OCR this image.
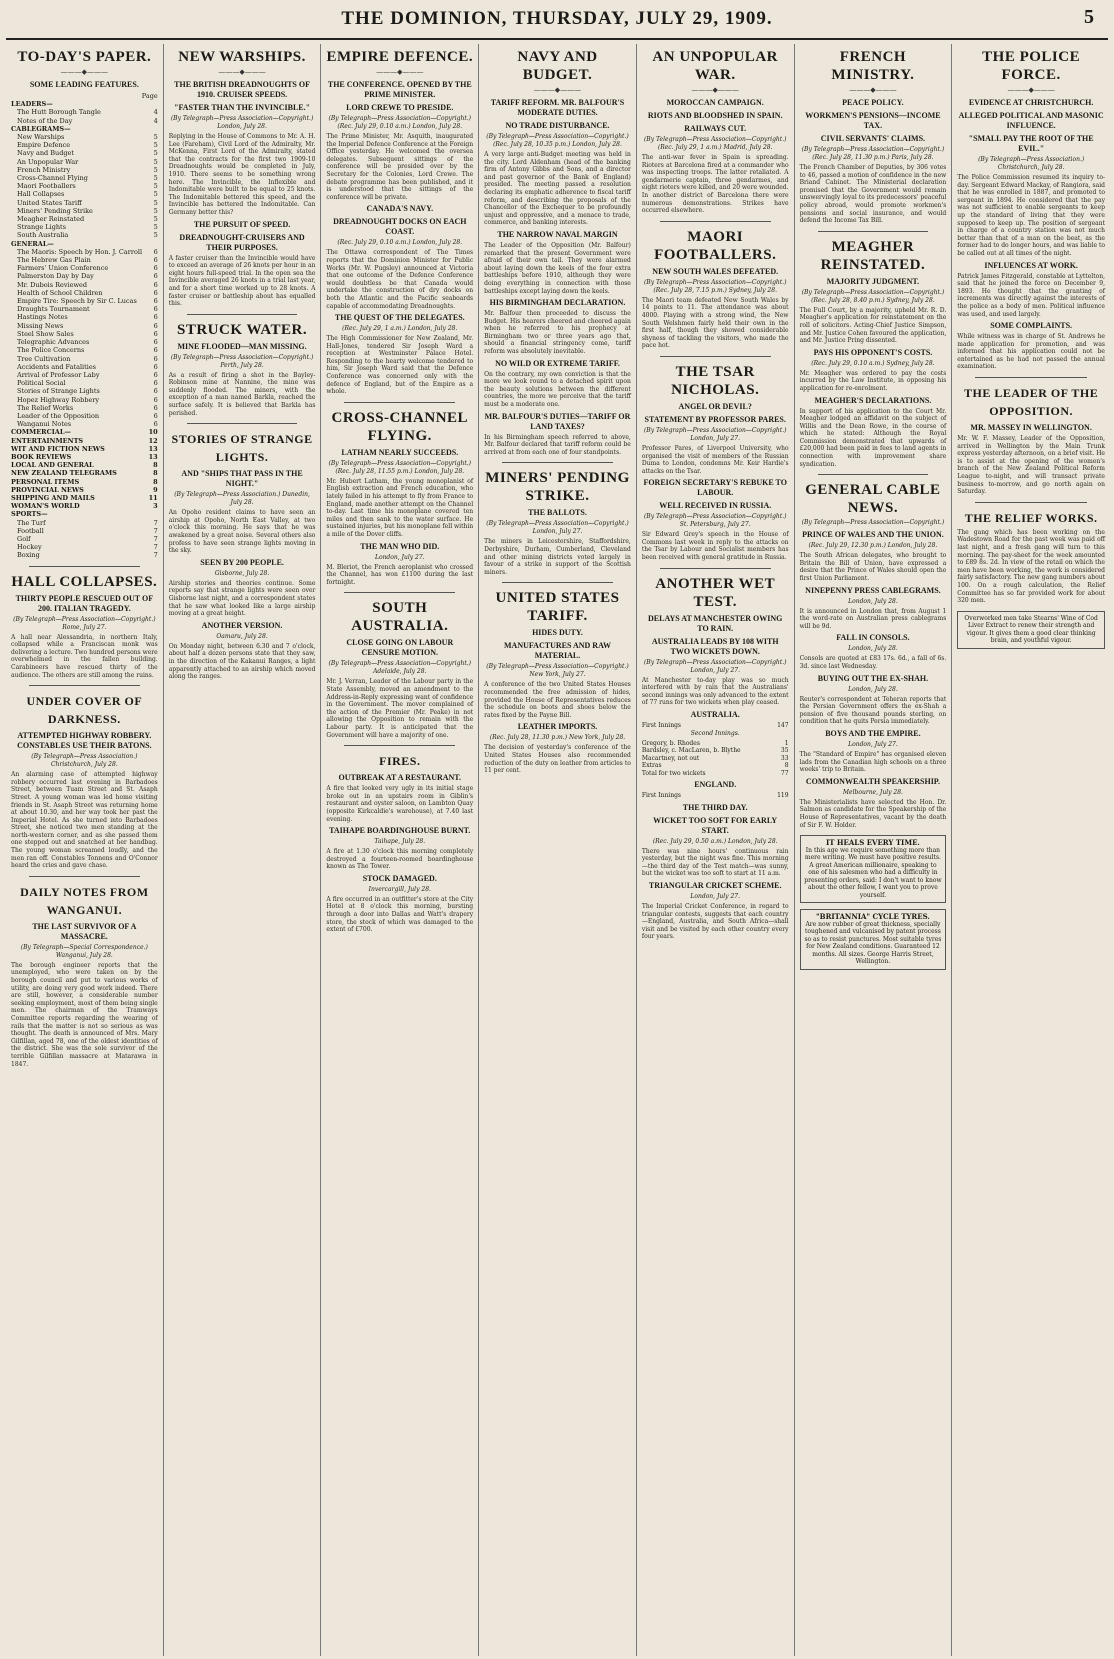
THE DOMINION, THURSDAY, JULY 29, 1909.	5
TO-DAY'S PAPER.
———◆———
SOME LEADING FEATURES.
Page
LEADERS—
The Hutt Borough Tangle	4
Notes of the Day	4
CABLEGRAMS—
New Warships	5
Empire Defence	5
Navy and Budget	5
An Unpopular War	5
French Ministry	5
Cross-Channel Flying	5
Maori Footballers	5
Hall Collapses	5
United States Tariff	5
Miners' Pending Strike	5
Meagher Reinstated	5
Strange Lights	5
South Australia	5
GENERAL—
The Maoris: Speech by Hon. J. Carroll 6
The Hebrew Gas Plain	6
Farmers' Union Conference	6
Palmerston Day by Day	6
Mr. Dubois Reviewed	6
Health of School Children	6
Empire Tire: Speech by Sir C. Lucas	6
Draughts Tournament	6
Hastings Notes	6
Missing News	6
Steel Show Sales	6
Telegraphic Advances	6
The Police Concerns	6
Tree Cultivation	6
Accidents and Fatalities	6
Arrival of Professor Laby	6
Political Social	6
Stories of Strange Lights	6
Hopez Highway Robbery	6
The Relief Works	6
Leader of the Opposition	6
Wanganui Notes	6
COMMERCIAL—	10
ENTERTAINMENTS	12
WIT AND FICTION NEWS	13
BOOK REVIEWS	13
LOCAL AND GENERAL	8
NEW ZEALAND TELEGRAMS	8
PERSONAL ITEMS	8
PROVINCIAL NEWS	9
SHIPPING AND MAILS	11
WOMAN'S WORLD	3
SPORTS—
The Turf	7
Football	7
Golf	7
Hockey	7
Boxing	7
HALL COLLAPSES.
THIRTY PEOPLE RESCUED OUT OF 200. ITALIAN TRAGEDY.
(By Telegraph—Press Association—Copyright.) Rome, July 27.
A hall near Alessandria, in northern Italy, collapsed while a Franciscan monk was delivering a lecture. Two hundred persons were overwhelmed in the fallen building. Carabineers have rescued thirty of the audience. The others are still among the ruins.
UNDER COVER OF DARKNESS.
ATTEMPTED HIGHWAY ROBBERY. CONSTABLES USE THEIR BATONS.
(By Telegraph—Press Association.) Christchurch, July 28.
An alarming case of attempted highway robbery occurred last evening in Barbadoes Street, between Tuam Street and St. Asaph Street. A young woman was led home visiting friends in St. Asaph Street was returning home at about 10.30, and her way took her past the Imperial Hotel. As she turned into Barbadoes Street, she noticed two men standing at the north-western corner, and as she passed them one stepped out and snatched at her handbag. The young woman screamed loudly, and the men ran off. Constables Tonnens and O'Connor heard the cries and gave chase.
DAILY NOTES FROM WANGANUI.
THE LAST SURVIVOR OF A MASSACRE.
(By Telegraph—Special Correspondence.) Wanganui, July 28.
The borough engineer reports that the unemployed, who were taken on by the borough council and put to various works of utility, are doing very good work indeed. There are still, however, a considerable number seeking employment, most of them being single men. The chairman of the Tramways Committee reports regarding the wearing of rails that the matter is not so serious as was thought. The death is announced of Mrs. Mary Gilfillan, aged 78, one of the oldest identities of the district. She was the sole survivor of the terrible Gilfillan massacre at Matarawa in 1847.
NEW WARSHIPS.
———◆———
THE BRITISH DREADNOUGHTS OF 1910. CRUISER SPEEDS.
"FASTER THAN THE INVINCIBLE."
(By Telegraph—Press Association—Copyright.) London, July 28.
Replying in the House of Commons to Mr. A. H. Lee (Fareham), Civil Lord of the Admiralty, Mr. McKenna, First Lord of the Admiralty, stated that the contracts for the first two 1909-10 Dreadnoughts would be completed in July, 1910. There seems to be something wrong here. The Invincible, the Inflexible and Indomitable were built to be equal to 25 knots. The Indomitable bettered this speed, and the Invincible has bettered the Indomitable. Can Germany better this?
THE PURSUIT OF SPEED.
DREADNOUGHT-CRUISERS AND THEIR PURPOSES.
A faster cruiser than the Invincible would have to exceed an average of 26 knots per hour in an eight hours full-speed trial. In the open sea the Invincible averaged 26 knots in a trial last year, and for a short time worked up to 28 knots. A faster cruiser or battleship about has equalled this.
STRUCK WATER.
MINE FLOODED—MAN MISSING.
(By Telegraph—Press Association—Copyright.) Perth, July 28.
As a result of firing a shot in the Bayley-Robinson mine at Nannine, the mine was suddenly flooded. The miners, with the exception of a man named Barkla, reached the surface safely. It is believed that Barkla has perished.
STORIES OF STRANGE LIGHTS.
AND "SHIPS THAT PASS IN THE NIGHT."
(By Telegraph—Press Association.) Dunedin, July 28.
An Opoho resident claims to have seen an airship at Opoho, North East Valley, at two o'clock this morning. He says that he was awakened by a great noise. Several others also profess to have seen strange lights moving in the sky.
SEEN BY 200 PEOPLE.
Gisborne, July 28.
Airship stories and theories continue. Some reports say that strange lights were seen over Gisborne last night, and a correspondent states that he saw what looked like a large airship moving at a great height.
ANOTHER VERSION.
Oamaru, July 28.
On Monday night, between 6.30 and 7 o'clock, about half a dozen persons state that they saw, in the direction of the Kakanui Ranges, a light apparently attached to an airship which moved along the ranges.
EMPIRE DEFENCE.
———◆———
THE CONFERENCE. OPENED BY THE PRIME MINISTER.
LORD CREWE TO PRESIDE.
(By Telegraph—Press Association—Copyright.) (Rec. July 29, 0.10 a.m.) London, July 28.
The Prime Minister, Mr. Asquith, inaugurated the Imperial Defence Conference at the Foreign Office yesterday. He welcomed the oversea delegates. Subsequent sittings of the conference will be presided over by the Secretary for the Colonies, Lord Crewe. The debate programme has been published, and it is understood that the sittings of the conference will be private.
CANADA'S NAVY.
DREADNOUGHT DOCKS ON EACH COAST.
(Rec. July 29, 0.10 a.m.) London, July 28.
The Ottawa correspondent of The Times reports that the Dominion Minister for Public Works (Mr. W. Pugsley) announced at Victoria that one outcome of the Defence Conference would doubtless be that Canada would undertake the construction of dry docks on both the Atlantic and the Pacific seaboards capable of accommodating Dreadnoughts.
THE QUEST OF THE DELEGATES.
(Rec. July 29, 1 a.m.) London, July 28.
The High Commissioner for New Zealand, Mr. Hall-Jones, tendered Sir Joseph Ward a reception at Westminster Palace Hotel. Responding to the hearty welcome tendered to him, Sir Joseph Ward said that the Defence Conference was concerned only with the defence of England, but of the Empire as a whole.
CROSS-CHANNEL FLYING.
LATHAM NEARLY SUCCEEDS.
(By Telegraph—Press Association—Copyright.) (Rec. July 28, 11.55 p.m.) London, July 28.
Mr. Hubert Latham, the young monoplanist of English extraction and French education, who lately failed in his attempt to fly from France to England, made another attempt on the Channel to-day. Last time his monoplane covered ten miles and then sank to the water surface. He sustained injuries, but his monoplane fell within a mile of the Dover cliffs.
THE MAN WHO DID.
London, July 27.
M. Bleriot, the French aeroplanist who crossed the Channel, has won £1100 during the last fortnight.
SOUTH AUSTRALIA.
CLOSE GOING ON LABOUR CENSURE MOTION.
(By Telegraph—Press Association—Copyright.) Adelaide, July 28.
Mr. J. Verran, Leader of the Labour party in the State Assembly, moved an amendment to the Address-in-Reply expressing want of confidence in the Government. The mover complained of the action of the Premier (Mr. Peake) in not allowing the Opposition to remain with the Labour party. It is anticipated that the Government will have a majority of one.
FIRES.
OUTBREAK AT A RESTAURANT.
A fire that looked very ugly in its initial stage broke out in an upstairs room in Giblin's restaurant and oyster saloon, on Lambton Quay (opposite Kirkcaldie's warehouse), at 7.40 last evening.
TAIHAPE BOARDINGHOUSE BURNT.
Taihape, July 28.
A fire at 1.30 o'clock this morning completely destroyed a fourteen-roomed boardinghouse known as The Tower.
STOCK DAMAGED.
Invercargill, July 28.
A fire occurred in an outfitter's store at the City Hotel at 8 o'clock this morning, bursting through a door into Dallas and Watt's drapery store, the stock of which was damaged to the extent of £700.
NAVY AND BUDGET.
———◆———
TARIFF REFORM. MR. BALFOUR'S MODERATE DUTIES.
NO TRADE DISTURBANCE.
(By Telegraph—Press Association—Copyright.) (Rec. July 28, 10.35 p.m.) London, July 28.
A very large anti-Budget meeting was held in the city. Lord Aldenham (head of the banking firm of Antony Gibbs and Sons, and a director and past governor of the Bank of England) presided. The meeting passed a resolution declaring its emphatic adherence to fiscal tariff reform, and describing the proposals of the Chancellor of the Exchequer to be profoundly unjust and oppressive, and a menace to trade, commerce, and banking interests.
THE NARROW NAVAL MARGIN
The Leader of the Opposition (Mr. Balfour) remarked that the present Government were afraid of their own tail. They were alarmed about laying down the keels of the four extra battleships before 1910, although they were doing everything in connection with those battleships except laying down the keels.
HIS BIRMINGHAM DECLARATION.
Mr. Balfour then proceeded to discuss the Budget. His hearers cheered and cheered again when he referred to his prophecy at Birmingham two or three years ago that, should a financial stringency come, tariff reform was absolutely inevitable.
NO WILD OR EXTREME TARIFF.
On the contrary, my own conviction is that the more we look round to a detached spirit upon the beauty solutions between the different countries, the more we perceive that the tariff must be a moderate one.
MR. BALFOUR'S DUTIES—TARIFF OR LAND TAXES?
In his Birmingham speech referred to above, Mr. Balfour declared that tariff reform could be arrived at from each one of four standpoints.
MINERS' PENDING STRIKE.
THE BALLOTS.
(By Telegraph—Press Association—Copyright.) London, July 27.
The miners in Leicestershire, Staffordshire, Derbyshire, Durham, Cumberland, Cleveland and other mining districts voted largely in favour of a strike in support of the Scottish miners.
UNITED STATES TARIFF.
HIDES DUTY.
MANUFACTURES AND RAW MATERIAL.
(By Telegraph—Press Association—Copyright.) New York, July 27.
A conference of the two United States Houses recommended the free admission of hides, provided the House of Representatives reduces the schedule on boots and shoes below the rates fixed by the Payne Bill.
LEATHER IMPORTS.
(Rec. July 28, 11.30 p.m.) New York, July 28.
The decision of yesterday's conference of the United States Houses also recommended reduction of the duty on leather from articles to 11 per cent.
AN UNPOPULAR WAR.
———◆———
MOROCCAN CAMPAIGN.
RIOTS AND BLOODSHED IN SPAIN.
RAILWAYS CUT.
(By Telegraph—Press Association—Copyright.) (Rec. July 29, 1 a.m.) Madrid, July 28.
The anti-war fever in Spain is spreading. Rioters at Barcelona fired at a commander who was inspecting troops. The latter retaliated. A gendarmerie captain, three gendarmes, and eight rioters were killed, and 20 were wounded. In another district of Barcelona there were numerous demonstrations. Strikes have occurred elsewhere.
MAORI FOOTBALLERS.
NEW SOUTH WALES DEFEATED.
(By Telegraph—Press Association—Copyright.) (Rec. July 28, 7.15 p.m.) Sydney, July 28.
The Maori team defeated New South Wales by 14 points to 11. The attendance was about 4000. Playing with a strong wind, the New South Welshmen fairly held their own in the first half, though they showed considerable shyness of tackling the visitors, who made the pace hot.
THE TSAR NICHOLAS.
ANGEL OR DEVIL?
STATEMENT BY PROFESSOR PARES.
(By Telegraph—Press Association—Copyright.) London, July 27.
Professor Pares, of Liverpool University, who organised the visit of members of the Russian Duma to London, condemns Mr. Keir Hardie's attacks on the Tsar.
FOREIGN SECRETARY'S REBUKE TO LABOUR.
WELL RECEIVED IN RUSSIA.
(By Telegraph—Press Association—Copyright.) St. Petersburg, July 27.
Sir Edward Grey's speech in the House of Commons last week in reply to the attacks on the Tsar by Labour and Socialist members has been received with general gratitude in Russia.
ANOTHER WET TEST.
DELAYS AT MANCHESTER OWING TO RAIN.
AUSTRALIA LEADS BY 108 WITH TWO WICKETS DOWN.
(By Telegraph—Press Association—Copyright.) London, July 27.
At Manchester to-day play was so much interfered with by rain that the Australians' second innings was only advanced to the extent of 77 runs for two wickets when play ceased.
AUSTRALIA.
First Innings	147
Second Innings.
Gregory, b. Rhodes	1
Bardsley, c. MacLaren, b. Blythe	35
Macartney, not out	33
Extras	8
Total for two wickets	77
ENGLAND.
First Innings	119
THE THIRD DAY.
WICKET TOO SOFT FOR EARLY START.
(Rec. July 29, 0.50 a.m.) London, July 28.
There was nine hours' continuous rain yesterday, but the night was fine. This morning—the third day of the Test match—was sunny, but the wicket was too soft to start at 11 a.m.
TRIANGULAR CRICKET SCHEME.
London, July 27.
The Imperial Cricket Conference, in regard to triangular contests, suggests that each country—England, Australia, and South Africa—shall visit and be visited by each other country every four years.
FRENCH MINISTRY.
———◆———
PEACE POLICY.
WORKMEN'S PENSIONS—INCOME TAX.
CIVIL SERVANTS' CLAIMS.
(By Telegraph—Press Association—Copyright.) (Rec. July 28, 11.30 p.m.) Paris, July 28.
The French Chamber of Deputies, by 306 votes to 46, passed a motion of confidence in the new Briand Cabinet. The Ministerial declaration promised that the Government would remain unswervingly loyal to its predecessors' peaceful policy abroad, would promote workmen's pensions and social insurance, and would defend the Income Tax Bill.
MEAGHER REINSTATED.
MAJORITY JUDGMENT.
(By Telegraph—Press Association—Copyright.) (Rec. July 28, 8.40 p.m.) Sydney, July 28.
The Full Court, by a majority, upheld Mr. R. D. Meagher's application for reinstatement on the roll of solicitors. Acting-Chief Justice Simpson, and Mr. Justice Cohen favoured the application, and Mr. Justice Pring dissented.
PAYS HIS OPPONENT'S COSTS.
(Rec. July 29, 0.10 a.m.) Sydney, July 28.
Mr. Meagher was ordered to pay the costs incurred by the Law Institute, in opposing his application for re-enrolment.
MEAGHER'S DECLARATIONS.
In support of his application to the Court Mr. Meagher lodged an affidavit on the subject of Willis and the Dean Rowe, in the course of which he stated: Although the Royal Commission demonstrated that upwards of £20,000 had been paid in fees to land agents in connection with improvement share syndication.
GENERAL CABLE NEWS.
(By Telegraph—Press Association—Copyright.)
PRINCE OF WALES AND THE UNION.
(Rec. July 29, 12.30 p.m.) London, July 28.
The South African delegates, who brought to Britain the Bill of Union, have expressed a desire that the Prince of Wales should open the first Union Parliament.
NINEPENNY PRESS CABLEGRAMS.
London, July 28.
It is announced in London that, from August 1 the word-rate on Australian press cablegrams will be 9d.
FALL IN CONSOLS.
London, July 28.
Consols are quoted at £83 17s. 6d., a fall of 6s. 3d. since last Wednesday.
BUYING OUT THE EX-SHAH.
London, July 28.
Reuter's correspondent at Teheran reports that the Persian Government offers the ex-Shah a pension of five thousand pounds sterling, on condition that he quits Persia immediately.
BOYS AND THE EMPIRE.
London, July 27.
The "Standard of Empire" has organised eleven lads from the Canadian high schools on a three weeks' trip to Britain.
COMMONWEALTH SPEAKERSHIP.
Melbourne, July 28.
The Ministerialists have selected the Hon. Dr. Salmon as candidate for the Speakership of the House of Representatives, vacant by the death of Sir F. W. Holder.
IT HEALS EVERY TIME.
In this age we require something more than mere writing. We must have positive results. A great American millionaire, speaking to one of his salesmen who had a difficulty in presenting orders, said: I don't want to know about the other fellow, I want you to prove yourself.
"BRITANNIA" CYCLE TYRES.
Are now rubber of great thickness, specially toughened and vulcanised by patent process so as to resist punctures. Most suitable tyres for New Zealand conditions. Guaranteed 12 months. All sizes. George Harris Street, Wellington.
THE POLICE FORCE.
———◆———
EVIDENCE AT CHRISTCHURCH.
ALLEGED POLITICAL AND MASONIC INFLUENCE.
"SMALL PAY THE ROOT OF THE EVIL."
(By Telegraph—Press Association.) Christchurch, July 28.
The Police Commission resumed its inquiry to-day. Sergeant Edward Mackay, of Rangiora, said that he was enrolled in 1887, and promoted to sergeant in 1894. He considered that the pay was not sufficient to enable sergeants to keep up the standard of living that they were supposed to keep up. The position of sergeant in charge of a country station was not much better than that of a man on the beat, as the former had to do longer hours, and was liable to be called out at all times of the night.
INFLUENCES AT WORK.
Patrick James Fitzgerald, constable at Lyttelton, said that he joined the force on December 9, 1893. He thought that the granting of increments was directly against the interests of the police as a body of men. Political influence was used, and used largely.
SOME COMPLAINTS.
While witness was in charge of St. Andrews he made application for promotion, and was informed that his application could not be entertained as he had not passed the annual examination.
THE LEADER OF THE OPPOSITION.
MR. MASSEY IN WELLINGTON.
Mr. W. F. Massey, Leader of the Opposition, arrived in Wellington by the Main Trunk express yesterday afternoon, on a brief visit. He is to assist at the opening of the women's branch of the New Zealand Political Reform League to-night, and will transact private business to-morrow, and go north again on Saturday.
THE RELIEF WORKS.
The gang which has been working on the Wadestown Road for the past week was paid off last night, and a fresh gang will turn to this morning. The pay-sheet for the week amounted to £89 8s. 2d. In view of the retail on which the men have been working, the work is considered fairly satisfactory. The new gang numbers about 100. On a rough calculation, the Relief Committee has so far provided work for about 320 men.
Overworked men take Stearns' Wine of Cod Liver Extract to renew their strength and vigour. It gives them a good clear thinking brain, and youthful vigour.
